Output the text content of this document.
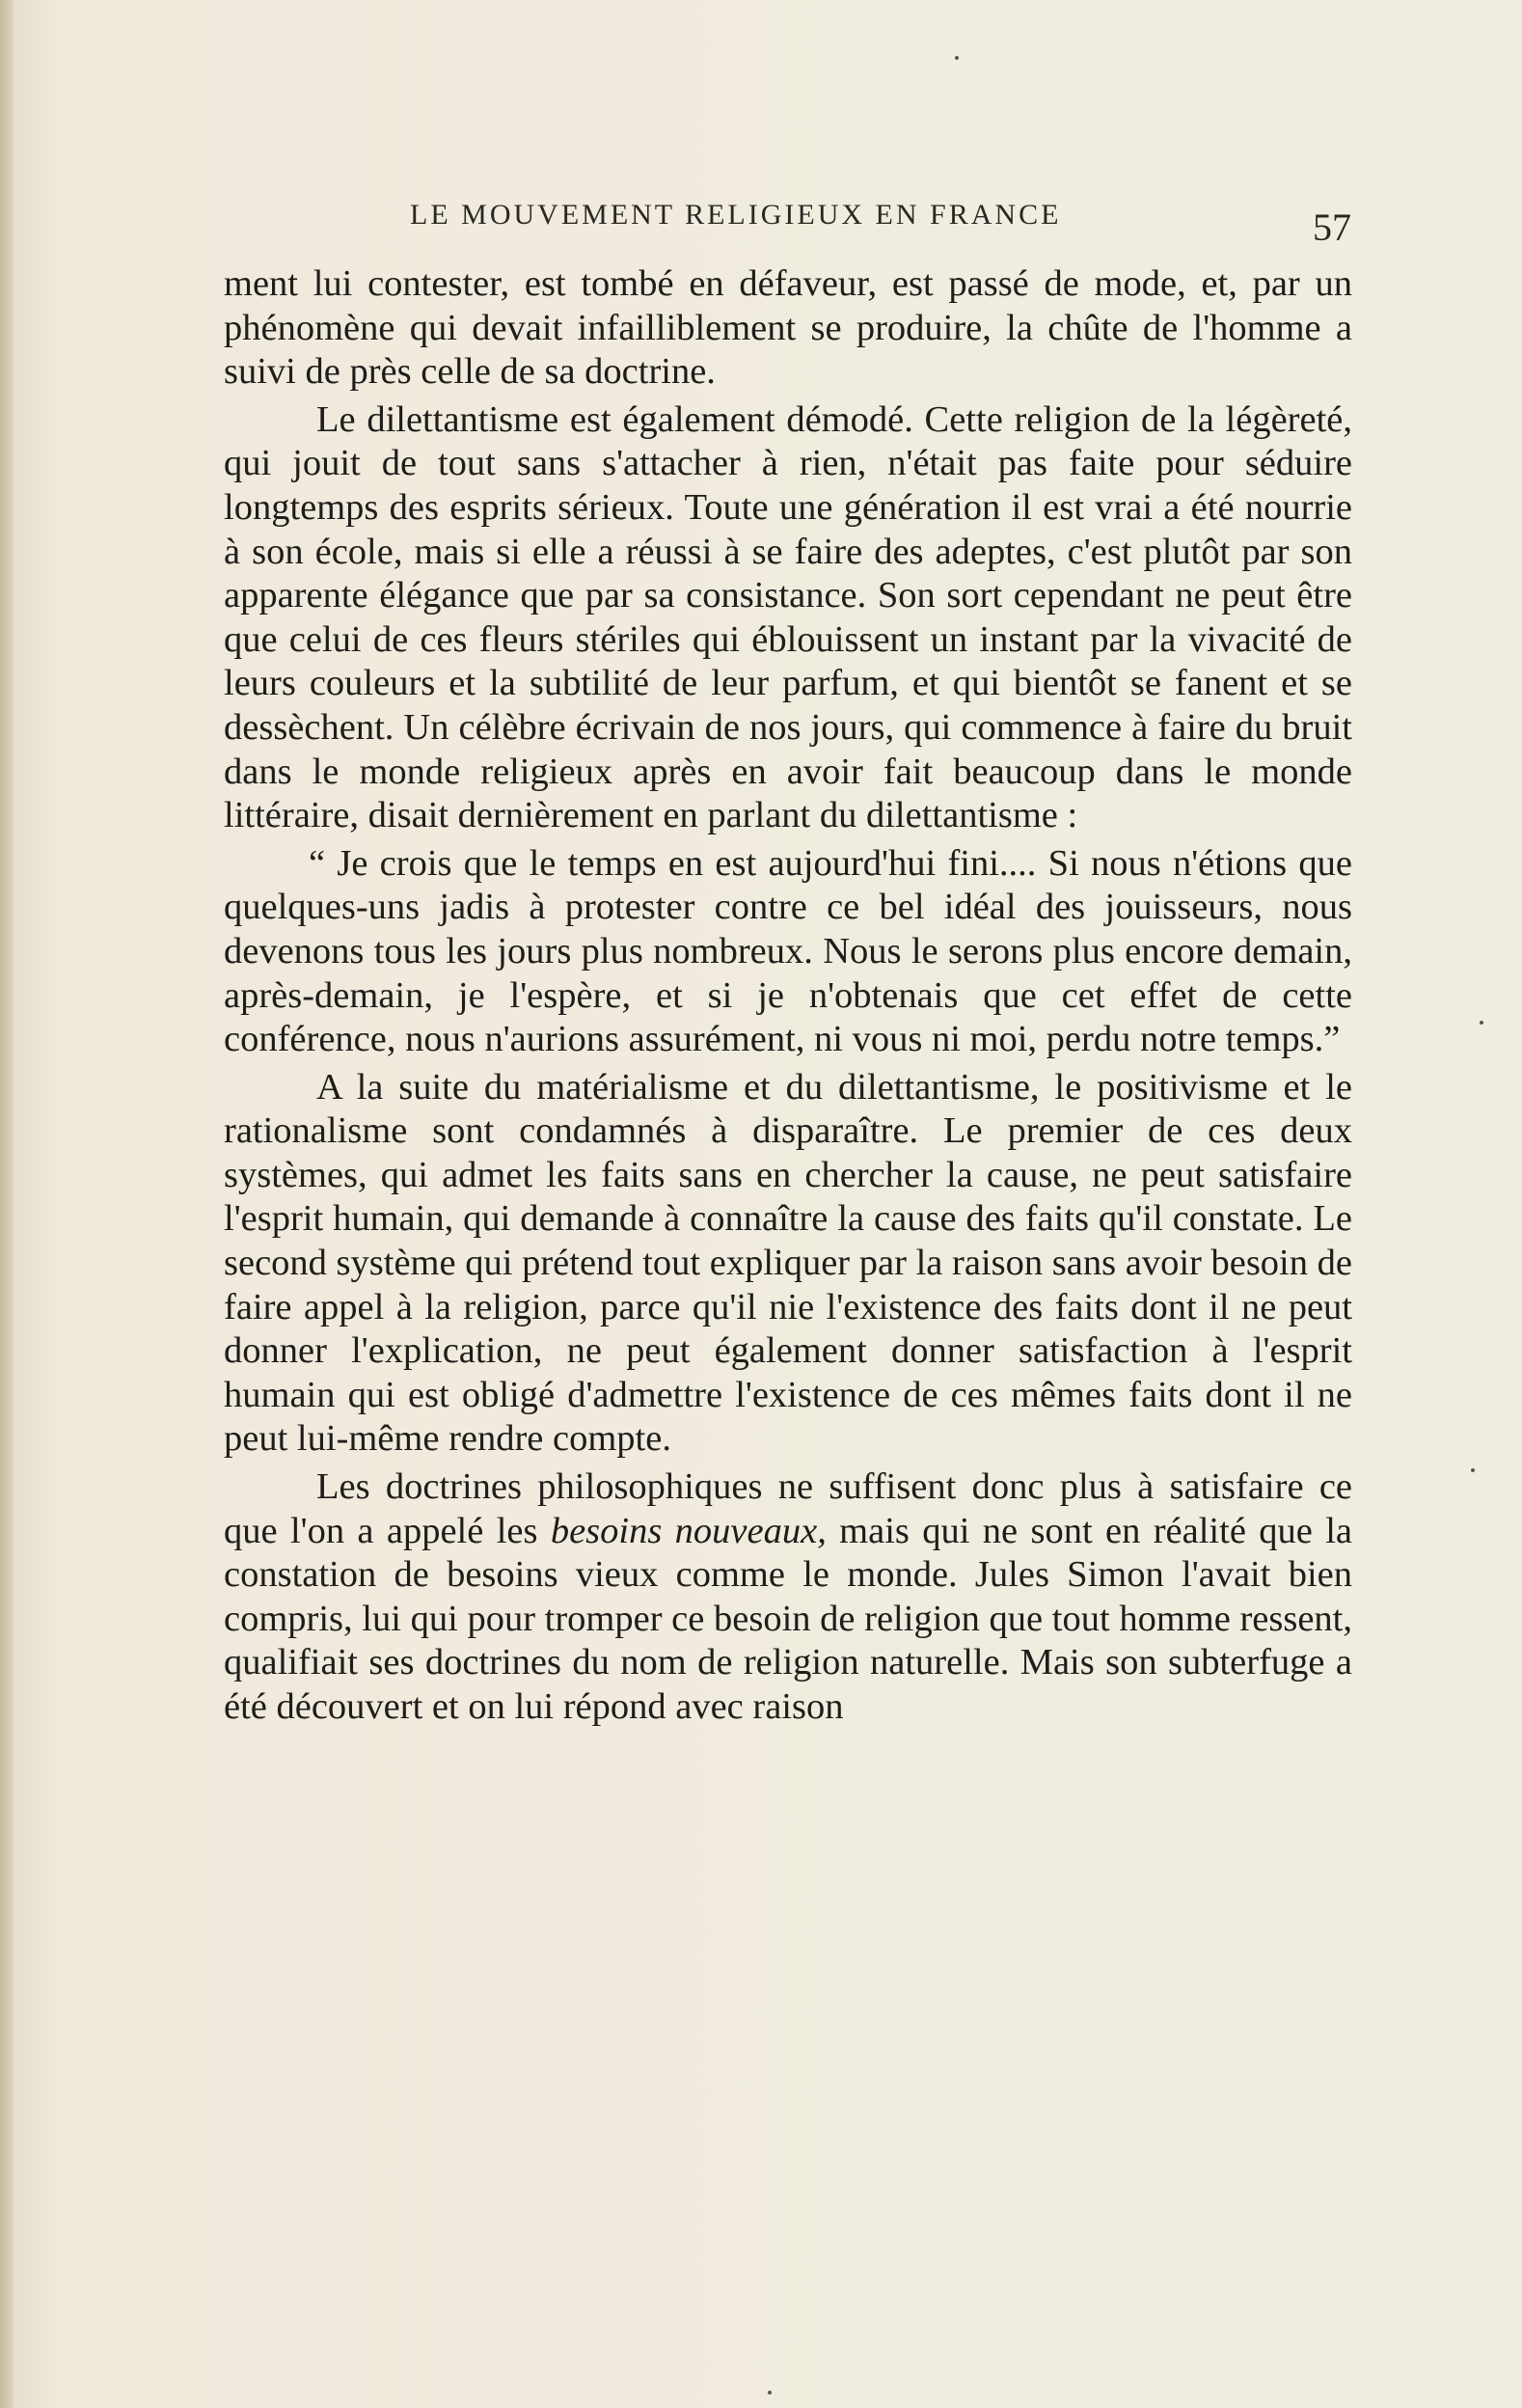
LE MOUVEMENT RELIGIEUX EN FRANCE	57

ment lui contester, est tombé en défaveur, est passé de mode, et, par un phénomène qui devait infailliblement se produire, la chûte de l'homme a suivi de près celle de sa doctrine.

Le dilettantisme est également démodé. Cette religion de la légèreté, qui jouit de tout sans s'attacher à rien, n'était pas faite pour séduire longtemps des esprits sérieux. Toute une génération il est vrai a été nourrie à son école, mais si elle a réussi à se faire des adeptes, c'est plutôt par son apparente élégance que par sa consistance. Son sort cependant ne peut être que celui de ces fleurs stériles qui éblouissent un instant par la vivacité de leurs couleurs et la subtilité de leur parfum, et qui bientôt se fanent et se dessèchent. Un célèbre écrivain de nos jours, qui commence à faire du bruit dans le monde religieux après en avoir fait beaucoup dans le monde littéraire, disait dernièrement en parlant du dilettantisme :

“ Je crois que le temps en est aujourd'hui fini.... Si nous n'étions que quelques-uns jadis à protester contre ce bel idéal des jouisseurs, nous devenons tous les jours plus nombreux. Nous le serons plus encore demain, après-demain, je l'espère, et si je n'obtenais que cet effet de cette conférence, nous n'aurions assurément, ni vous ni moi, perdu notre temps.”

A la suite du matérialisme et du dilettantisme, le positivisme et le rationalisme sont condamnés à disparaître. Le premier de ces deux systèmes, qui admet les faits sans en chercher la cause, ne peut satisfaire l'esprit humain, qui demande à connaître la cause des faits qu'il constate. Le second système qui prétend tout expliquer par la raison sans avoir besoin de faire appel à la religion, parce qu'il nie l'existence des faits dont il ne peut donner l'explication, ne peut également donner satisfaction à l'esprit humain qui est obligé d'admettre l'existence de ces mêmes faits dont il ne peut lui-même rendre compte.

Les doctrines philosophiques ne suffisent donc plus à satisfaire ce que l'on a appelé les besoins nouveaux, mais qui ne sont en réalité que la constation de besoins vieux comme le monde. Jules Simon l'avait bien compris, lui qui pour tromper ce besoin de religion que tout homme ressent, qualifiait ses doctrines du nom de religion naturelle. Mais son subterfuge a été découvert et on lui répond avec raison
